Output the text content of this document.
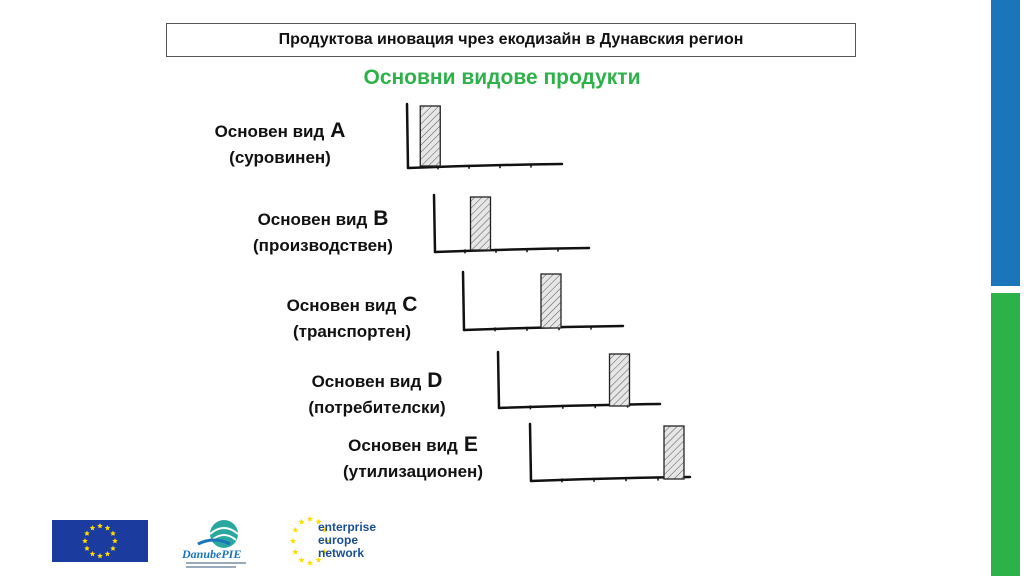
Продуктова иновация чрез екодизайн в Дунавския регион
Основни видове продукти
Основен вид A
(суровинен)
Основен вид B
(производствен)
Основен вид C
(транспортен)
Основен вид D
(потребителски)
Основен вид E
(утилизационен)
DanubePIE
enterprise
europe
network
